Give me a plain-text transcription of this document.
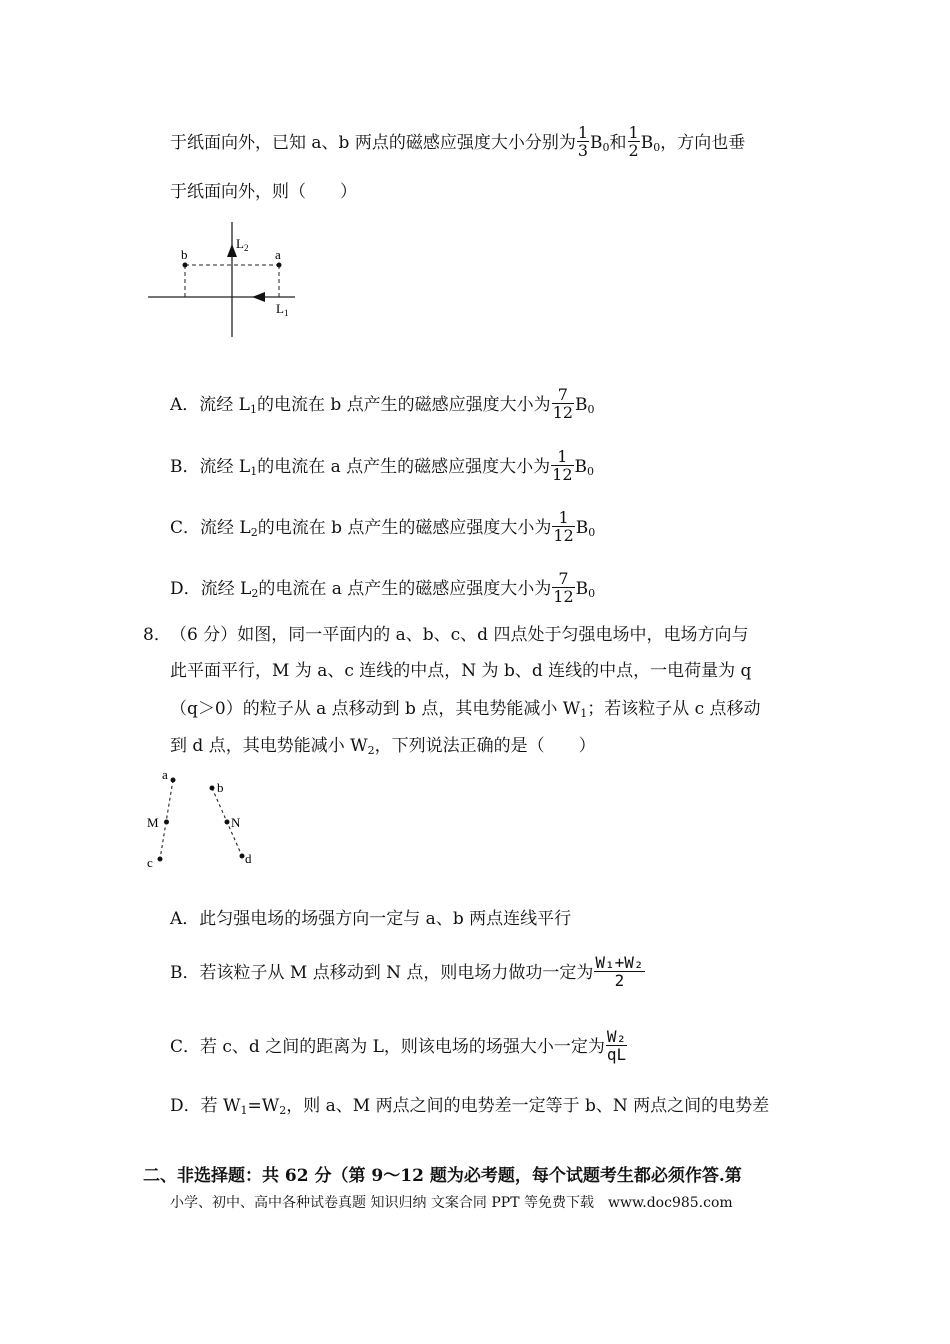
于纸面向外，已知 a、b 两点的磁感应强度大小分别为 $\frac{1}{3} B0$和 $\frac{1}{2} B0$，方向也垂
于纸面向外，则（　　）
b	a
$L_2$
$L_1$
A．流经 L1的电流在 b 点产生的磁感应强度大小为 $\frac{7}{12} B0$
B．流经 L1的电流在 a 点产生的磁感应强度大小为 $\frac{1}{12} B0$
C．流经 L2的电流在 b 点产生的磁感应强度大小为 $\frac{1}{12} B0$
D．流经 L2的电流在 a 点产生的磁感应强度大小为 $\frac{7}{12} B0$
8． （6 分）如图，同一平面内的 a、b、c、d 四点处于匀强电场中，电场方向与
此平面平行，M 为 a、c 连线的中点，N 为 b、d 连线的中点，一电荷量为 q
（q＞0）的粒子从 a 点移动到 b 点，其电势能减小 W1；若该粒子从 c 点移动
到 d 点，其电势能减小 W2，下列说法正确的是（　　）
a
b
M	N
c	d
A．此匀强电场的场强方向一定与 a、b 两点连线平行
B．若该粒子从 M 点移动到 N 点，则电场力做功一定为 $\frac{\text{W₁+W₂}}{2}$
C．若 c、d 之间的距离为 L，则该电场的场强大小一定为 $\frac{\text{W₂}}{qL}$
D．若 W1=W2，则 a、M 两点之间的电势差一定等于 b、N 两点之间的电势差
二、非选择题：共 62 分（第 9～12 题为必考题，每个试题考生都必须作答.第
小学、初中、高中各种试卷真题 知识归纳 文案合同 PPT 等免费下载　www.doc985.com
